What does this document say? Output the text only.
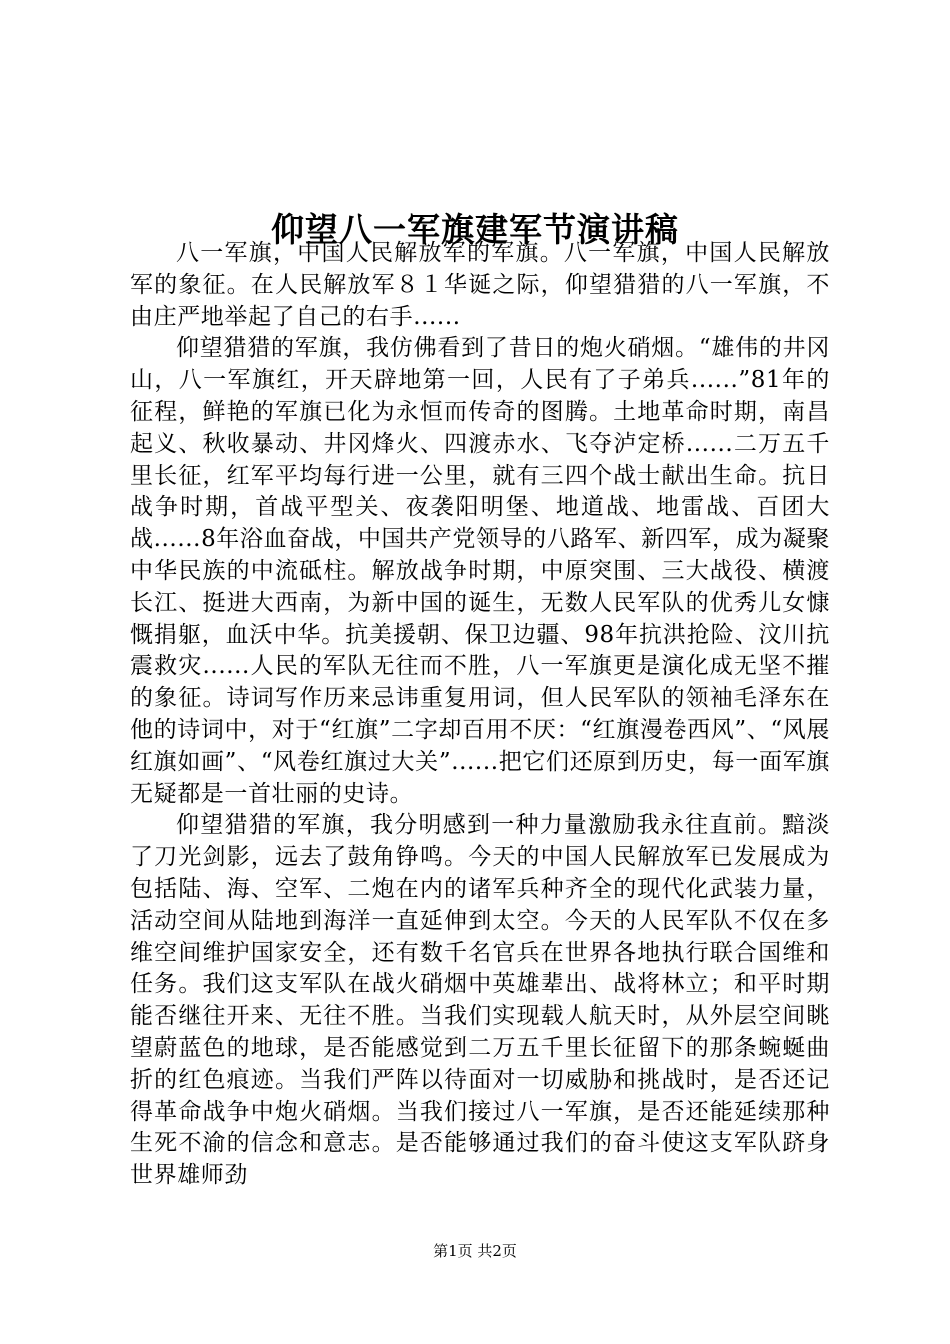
仰望八一军旗建军节演讲稿

八一军旗，中国人民解放军的军旗。八一军旗，中国人民解放军的象征。在人民解放军８１华诞之际，仰望猎猎的八一军旗，不由庄严地举起了自己的右手......

仰望猎猎的军旗，我仿佛看到了昔日的炮火硝烟。“雄伟的井冈山，八一军旗红，开天辟地第一回，人民有了子弟兵......”81年的征程，鲜艳的军旗已化为永恒而传奇的图腾。土地革命时期，南昌起义、秋收暴动、井冈烽火、四渡赤水、飞夺泸定桥......二万五千里长征，红军平均每行进一公里，就有三四个战士献出生命。抗日战争时期，首战平型关、夜袭阳明堡、地道战、地雷战、百团大战......8年浴血奋战，中国共产党领导的八路军、新四军，成为凝聚中华民族的中流砥柱。解放战争时期，中原突围、三大战役、横渡长江、挺进大西南，为新中国的诞生，无数人民军队的优秀儿女慷慨捐躯，血沃中华。抗美援朝、保卫边疆、98年抗洪抢险、汶川抗震救灾......人民的军队无往而不胜，八一军旗更是演化成无坚不摧的象征。诗词写作历来忌讳重复用词，但人民军队的领袖毛泽东在他的诗词中，对于“红旗”二字却百用不厌：“红旗漫卷西风”、“风展红旗如画”、“风卷红旗过大关”......把它们还原到历史，每一面军旗无疑都是一首壮丽的史诗。

仰望猎猎的军旗，我分明感到一种力量激励我永往直前。黯淡了刀光剑影，远去了鼓角铮鸣。今天的中国人民解放军已发展成为包括陆、海、空军、二炮在内的诸军兵种齐全的现代化武装力量，活动空间从陆地到海洋一直延伸到太空。今天的人民军队不仅在多维空间维护国家安全，还有数千名官兵在世界各地执行联合国维和任务。我们这支军队在战火硝烟中英雄辈出、战将林立；和平时期能否继往开来、无往不胜。当我们实现载人航天时，从外层空间眺望蔚蓝色的地球，是否能感觉到二万五千里长征留下的那条蜿蜒曲折的红色痕迹。当我们严阵以待面对一切威胁和挑战时，是否还记得革命战争中炮火硝烟。当我们接过八一军旗，是否还能延续那种生死不渝的信念和意志。是否能够通过我们的奋斗使这支军队跻身世界雄师劲

第1页 共2页
